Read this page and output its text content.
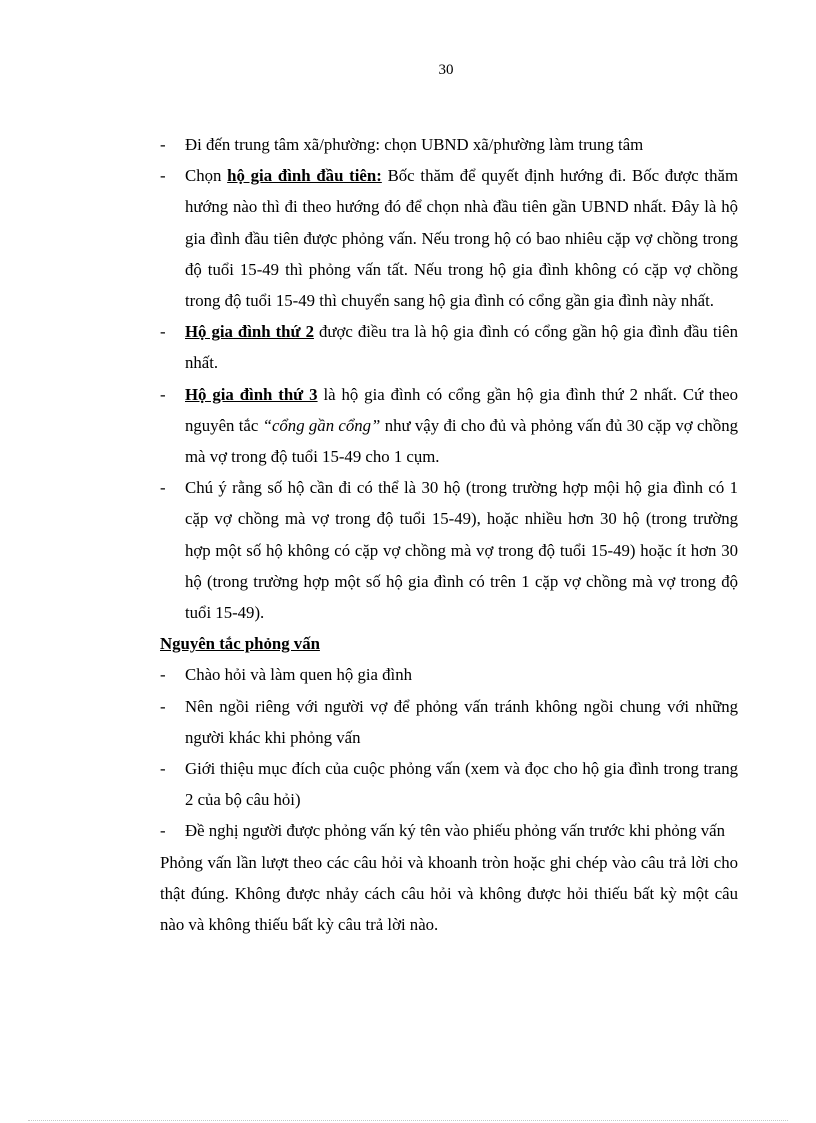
30
- Đi đến trung tâm xã/phường: chọn UBND xã/phường làm trung tâm
- Chọn hộ gia đình đầu tiên: Bốc thăm để quyết định hướng đi. Bốc được thăm hướng nào thì đi theo hướng đó để chọn nhà đầu tiên gần UBND nhất. Đây là hộ gia đình đầu tiên được phỏng vấn. Nếu trong hộ có bao nhiêu cặp vợ chồng trong độ tuổi 15-49 thì phỏng vấn tất. Nếu trong hộ gia đình không có cặp vợ chồng trong độ tuổi 15-49 thì chuyển sang hộ gia đình có cổng gần gia đình này nhất.
- Hộ gia đình thứ 2 được điều tra là hộ gia đình có cổng gần hộ gia đình đầu tiên nhất.
- Hộ gia đình thứ 3 là hộ gia đình có cổng gần hộ gia đình thứ 2 nhất. Cứ theo nguyên tắc “cổng gần cổng” như vậy đi cho đủ và phỏng vấn đủ 30 cặp vợ chồng mà vợ trong độ tuổi 15-49 cho 1 cụm.
- Chú ý rằng số hộ cần đi có thể là 30 hộ (trong trường hợp mội hộ gia đình có 1 cặp vợ chồng mà vợ trong độ tuổi 15-49), hoặc nhiều hơn 30 hộ (trong trường hợp một số hộ không có cặp vợ chồng mà vợ trong độ tuổi 15-49) hoặc ít hơn 30 hộ (trong trường hợp một số hộ gia đình có trên 1 cặp vợ chồng mà vợ trong độ tuổi 15-49).
Nguyên tắc phỏng vấn
- Chào hỏi và làm quen hộ gia đình
- Nên ngồi riêng với người vợ để phỏng vấn tránh không ngồi chung với những người khác khi phỏng vấn
- Giới thiệu mục đích của cuộc phỏng vấn (xem và đọc cho hộ gia đình trong trang 2 của bộ câu hỏi)
- Đề nghị người được phỏng vấn ký tên vào phiếu phỏng vấn trước khi phỏng vấn
Phỏng vấn lần lượt theo các câu hỏi và khoanh tròn hoặc ghi chép vào câu trả lời cho thật đúng. Không được nhảy cách câu hỏi và không được hỏi thiếu bất kỳ một câu nào và không thiếu bất kỳ câu trả lời nào.
